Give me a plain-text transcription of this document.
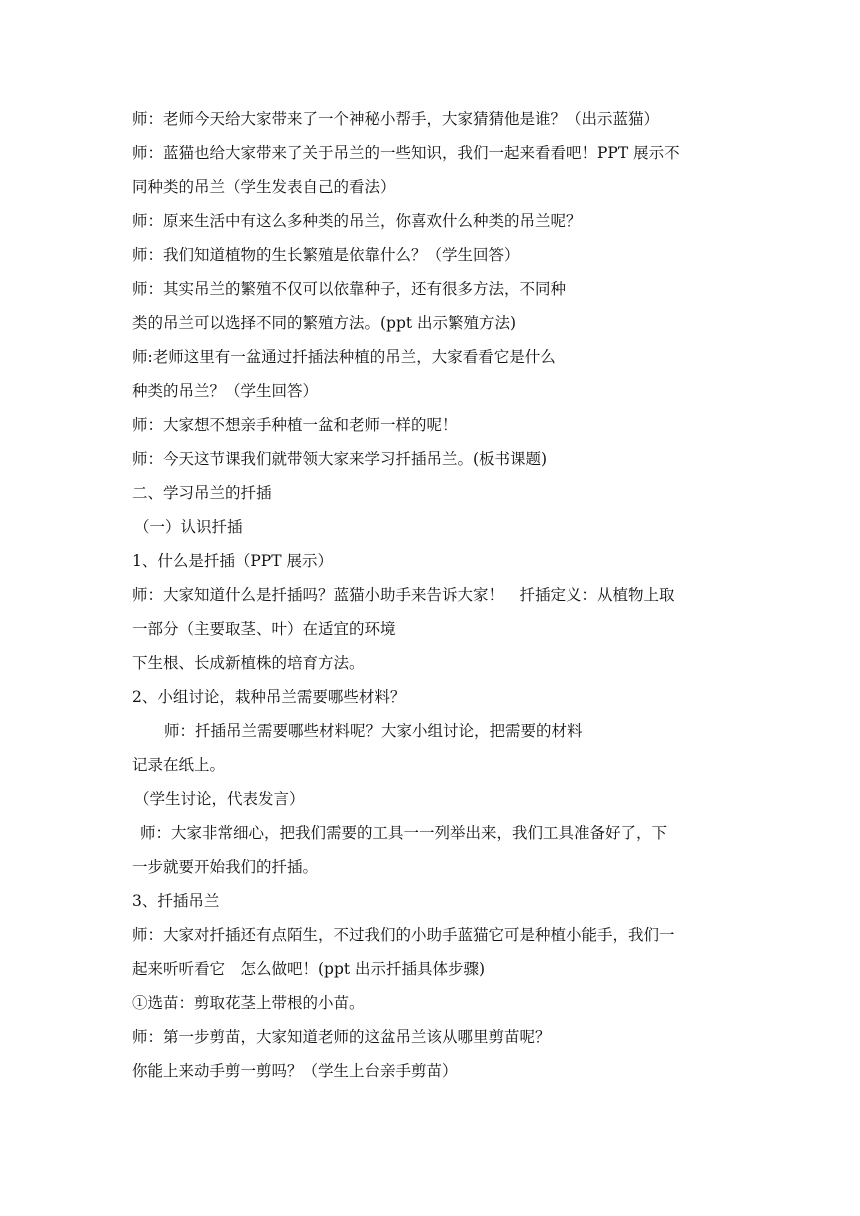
师：老师今天给大家带来了一个神秘小帮手，大家猜猜他是谁？（出示蓝猫）
师：蓝猫也给大家带来了关于吊兰的一些知识，我们一起来看看吧！PPT 展示不
同种类的吊兰（学生发表自己的看法）
师：原来生活中有这么多种类的吊兰，你喜欢什么种类的吊兰呢？
师：我们知道植物的生长繁殖是依靠什么？（学生回答）
师：其实吊兰的繁殖不仅可以依靠种子，还有很多方法，不同种
类的吊兰可以选择不同的繁殖方法。(ppt 出示繁殖方法)
师:老师这里有一盆通过扦插法种植的吊兰，大家看看它是什么
种类的吊兰？（学生回答）
师：大家想不想亲手种植一盆和老师一样的呢！
师：今天这节课我们就带领大家来学习扦插吊兰。(板书课题)
二、学习吊兰的扦插
（一）认识扦插
1、什么是扦插（PPT 展示）
师：大家知道什么是扦插吗？蓝猫小助手来告诉大家！　扦插定义：从植物上取
一部分（主要取茎、叶）在适宜的环境
下生根、长成新植株的培育方法。
2、小组讨论，栽种吊兰需要哪些材料？
师：扦插吊兰需要哪些材料呢？大家小组讨论，把需要的材料
记录在纸上。
（学生讨论，代表发言）
师：大家非常细心，把我们需要的工具一一列举出来，我们工具准备好了，下
一步就要开始我们的扦插。
3、扦插吊兰
师：大家对扦插还有点陌生，不过我们的小助手蓝猫它可是种植小能手，我们一
起来听听看它　怎么做吧！(ppt 出示扦插具体步骤)
①选苗：剪取花茎上带根的小苗。
师：第一步剪苗，大家知道老师的这盆吊兰该从哪里剪苗呢？
你能上来动手剪一剪吗？（学生上台亲手剪苗）
